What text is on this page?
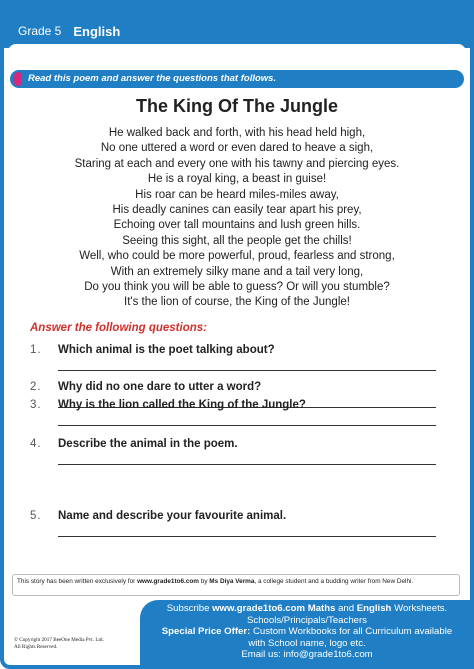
Grade 5 English
Read this poem and answer the questions that follows.
The King Of The Jungle
He walked back and forth, with his head held high,
No one uttered a word or even dared to heave a sigh,
Staring at each and every one with his tawny and piercing eyes.
He is a royal king, a beast in guise!
His roar can be heard miles-miles away,
His deadly canines can easily tear apart his prey,
Echoing over tall mountains and lush green hills.
Seeing this sight, all the people get the chills!
Well, who could be more powerful, proud, fearless and strong,
With an extremely silky mane and a tail very long,
Do you think you will be able to guess? Or will you stumble?
It's the lion of course, the King of the Jungle!
Answer the following questions:
1. Which animal is the poet talking about?
2. Why did no one dare to utter a word?
3. Why is the lion called the King of the Jungle?
4. Describe the animal in the poem.
5. Name and describe your favourite animal.
This story has been written exclusively for www.grade1to6.com by Ms Diya Verma, a college student and a budding writer from New Delhi.
Subscribe www.grade1to6.com Maths and English Worksheets.
Schools/Principals/Teachers
Special Price Offer: Custom Workbooks for all Curriculum available
with School name, logo etc.
Email us: info@grade1to6.com
© Copyright 2017 BeeOne Media Pvt. Ltd.
All Rights Reserved.
